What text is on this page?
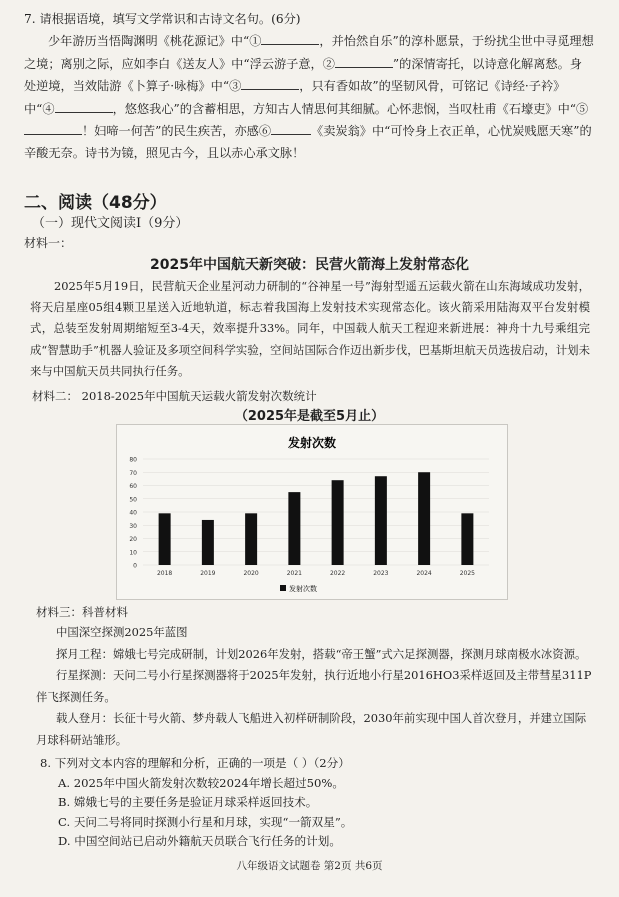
7. 请根据语境，填写文学常识和古诗文名句。(6分)
少年游历当悟陶渊明《桃花源记》中“①	，并怡然自乐”的淳朴愿景，于纷扰尘世中寻觅理想之境；离别之际，应如李白《送友人》中“浮云游子意，②	”的深情寄托，以诗意化解离愁。身处逆境，当效陆游《卜算子·咏梅》中“③	，只有香如故”的坚韧风骨，可铭记《诗经·子衿》中“④	，悠悠我心”的含蓄相思，方知古人情思何其细腻。心怀悲悯，当叹杜甫《石壕吏》中“⑤！妇啼一何苦”的民生疾苦，亦感⑥	《卖炭翁》中“可怜身上衣正单，心忧炭贱愿天寒”的辛酸无奈。诗书为镜，照见古今，且以赤心承文脉！
二、阅读（48分）
（一）现代文阅读Ⅰ（9分）
材料一：
2025年中国航天新突破：民营火箭海上发射常态化

2025年5月19日，民营航天企业星河动力研制的“谷神星一号”海射型遥五运载火箭在山东海域成功发射，将天启星座05组4颗卫星送入近地轨道，标志着我国海上发射技术实现常态化。该火箭采用陆海双平台发射模式，总装至发射周期缩短至3-4天，效率提升33%。同年，中国载人航天工程迎来新进展：神舟十九号乘组完成“智慧助手”机器人验证及多项空间科学实验，空间站国际合作迈出新步伐，巴基斯坦航天员选拔启动，计划未来与中国航天员共同执行任务。

材料二： 2018-2025年中国航天运载火箭发射次数统计
（2025年是截至5月止）
发射次数
0
10
20
30
40
50
60
70
80
2018	2019	2020	2021	2022	2023	2024	2025
发射次数
材料三：科普材料

中国深空探测2025年蓝图

探月工程：嫦娥七号完成研制，计划2026年发射，搭载“帝王蟹”式六足探测器，探测月球南极水冰资源。

行星探测：天问二号小行星探测器将于2025年发射，执行近地小行星2016HO3采样返回及主带彗星311P伴飞探测任务。

载人登月：长征十号火箭、梦舟载人飞船进入初样研制阶段，2030年前实现中国人首次登月，并建立国际月球科研站雏形。

8. 下列对文本内容的理解和分析，正确的一项是（ ）（2分）

A. 2025年中国火箭发射次数较2024年增长超过50%。

B. 嫦娥七号的主要任务是验证月球采样返回技术。

C. 天问二号将同时探测小行星和月球，实现“一箭双星”。

D. 中国空间站已启动外籍航天员联合飞行任务的计划。

八年级语文试题卷 第2页 共6页
